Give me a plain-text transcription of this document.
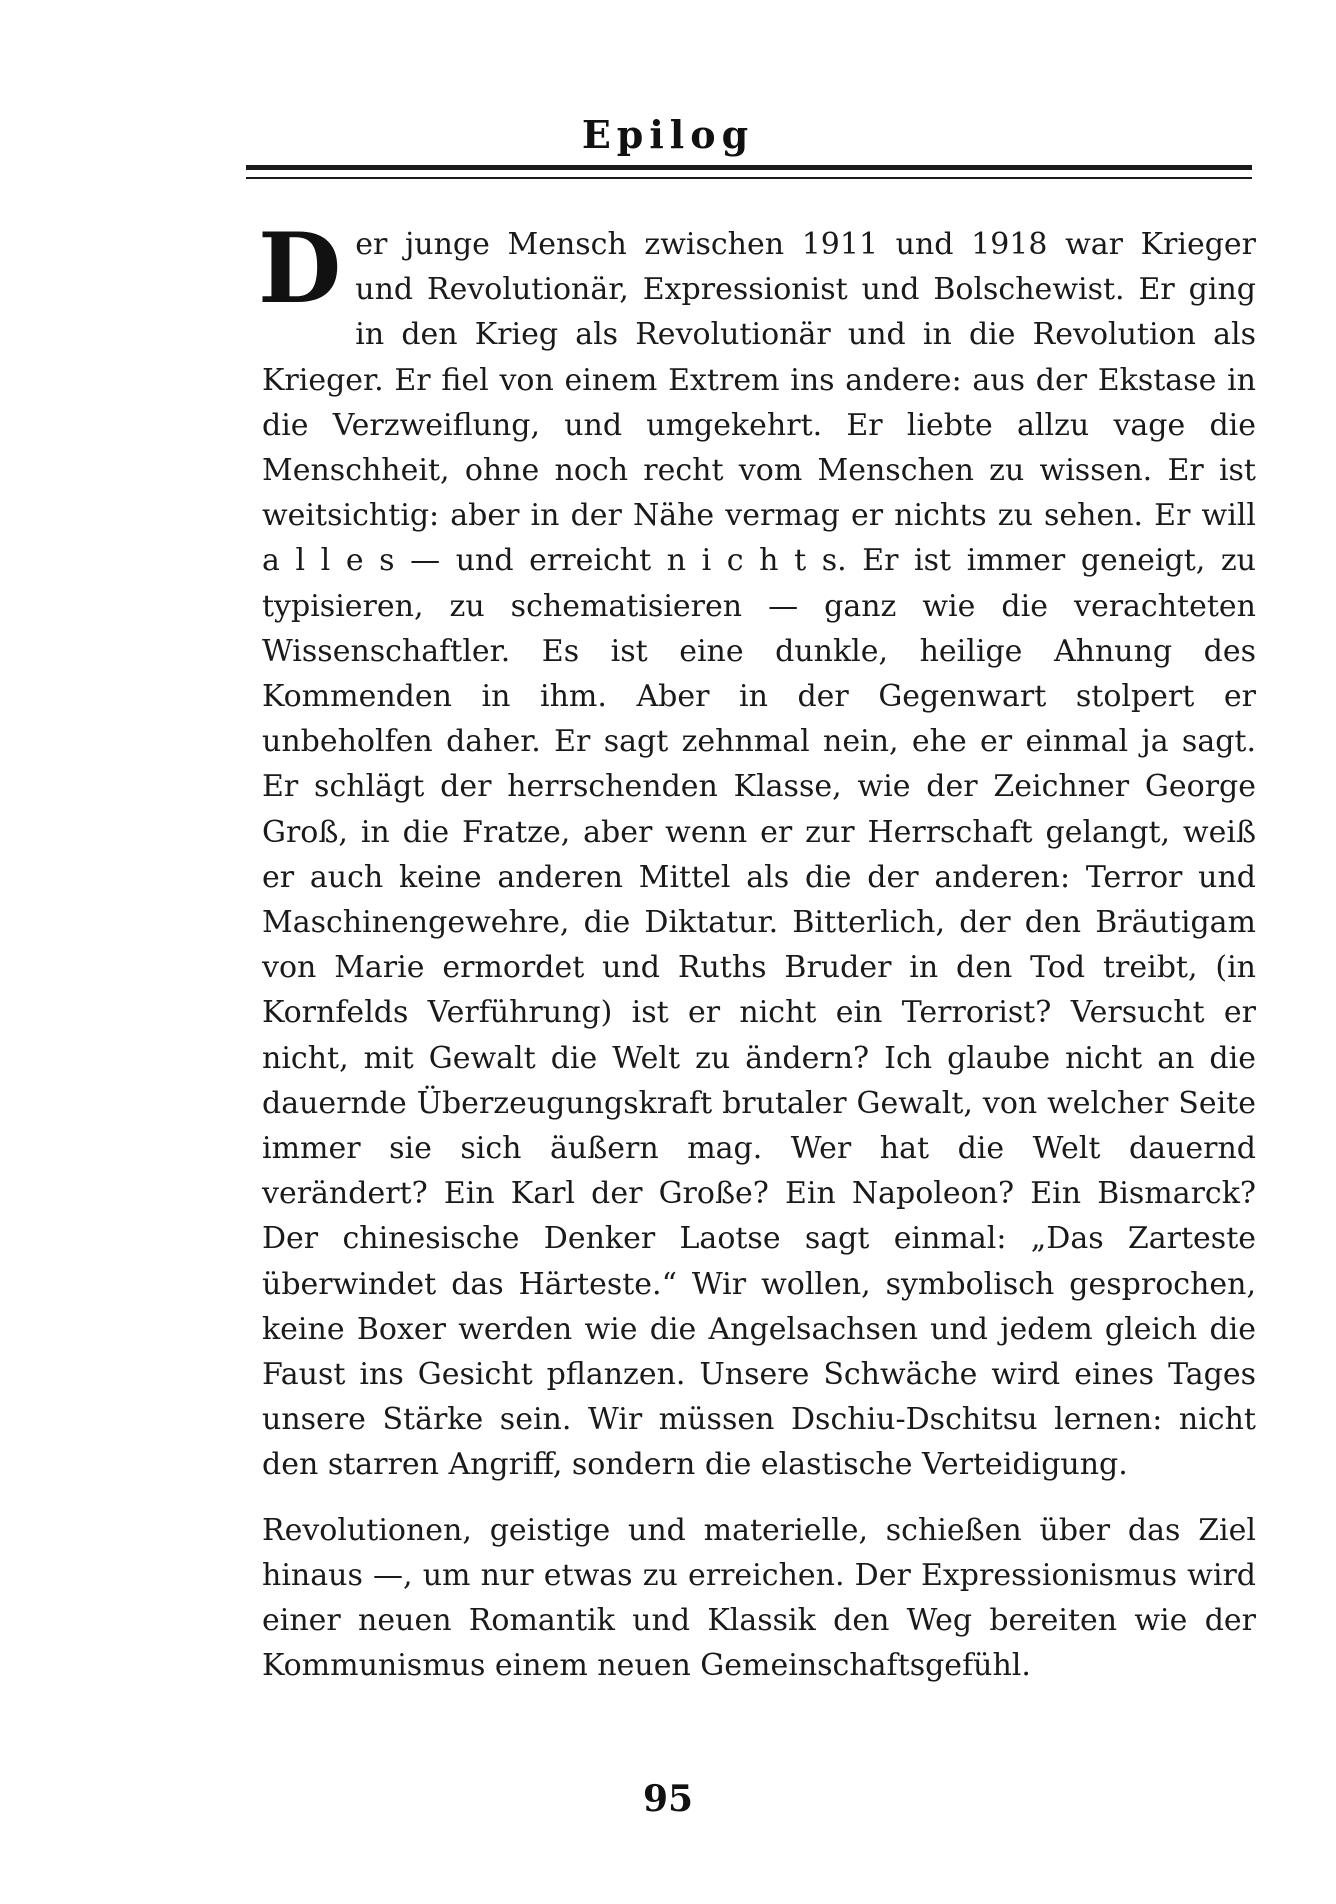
Epilog

Der junge Mensch zwischen 1911 und 1918 war Krieger und Revolutionär, Expressionist und Bolschewist. Er ging in den Krieg als Revolutionär und in die Revolution als Krieger. Er fiel von einem Extrem ins andere: aus der Ekstase in die Verzweiflung, und umgekehrt. Er liebte allzu vage die Menschheit, ohne noch recht vom Menschen zu wissen. Er ist weitsichtig: aber in der Nähe vermag er nichts zu sehen. Er will a l l e s — und erreicht n i c h t s. Er ist immer geneigt, zu typisieren, zu schematisieren — ganz wie die verachteten Wissenschaftler. Es ist eine dunkle, heilige Ahnung des Kommenden in ihm. Aber in der Gegenwart stolpert er unbeholfen daher. Er sagt zehnmal nein, ehe er einmal ja sagt. Er schlägt der herrschenden Klasse, wie der Zeichner George Groß, in die Fratze, aber wenn er zur Herrschaft gelangt, weiß er auch keine anderen Mittel als die der anderen: Terror und Maschinengewehre, die Diktatur. Bitterlich, der den Bräutigam von Marie ermordet und Ruths Bruder in den Tod treibt, (in Kornfelds Verführung) ist er nicht ein Terrorist? Versucht er nicht, mit Gewalt die Welt zu ändern? Ich glaube nicht an die dauernde Überzeugungskraft brutaler Gewalt, von welcher Seite immer sie sich äußern mag. Wer hat die Welt dauernd verändert? Ein Karl der Große? Ein Napoleon? Ein Bismarck? Der chinesische Denker Laotse sagt einmal: „Das Zarteste überwindet das Härteste.“ Wir wollen, symbolisch gesprochen, keine Boxer werden wie die Angelsachsen und jedem gleich die Faust ins Gesicht pflanzen. Unsere Schwäche wird eines Tages unsere Stärke sein. Wir müssen Dschiu-Dschitsu lernen: nicht den starren Angriff, sondern die elastische Verteidigung.

Revolutionen, geistige und materielle, schießen über das Ziel hinaus —, um nur etwas zu erreichen. Der Expressionismus wird einer neuen Romantik und Klassik den Weg bereiten wie der Kommunismus einem neuen Gemeinschaftsgefühl.

95
